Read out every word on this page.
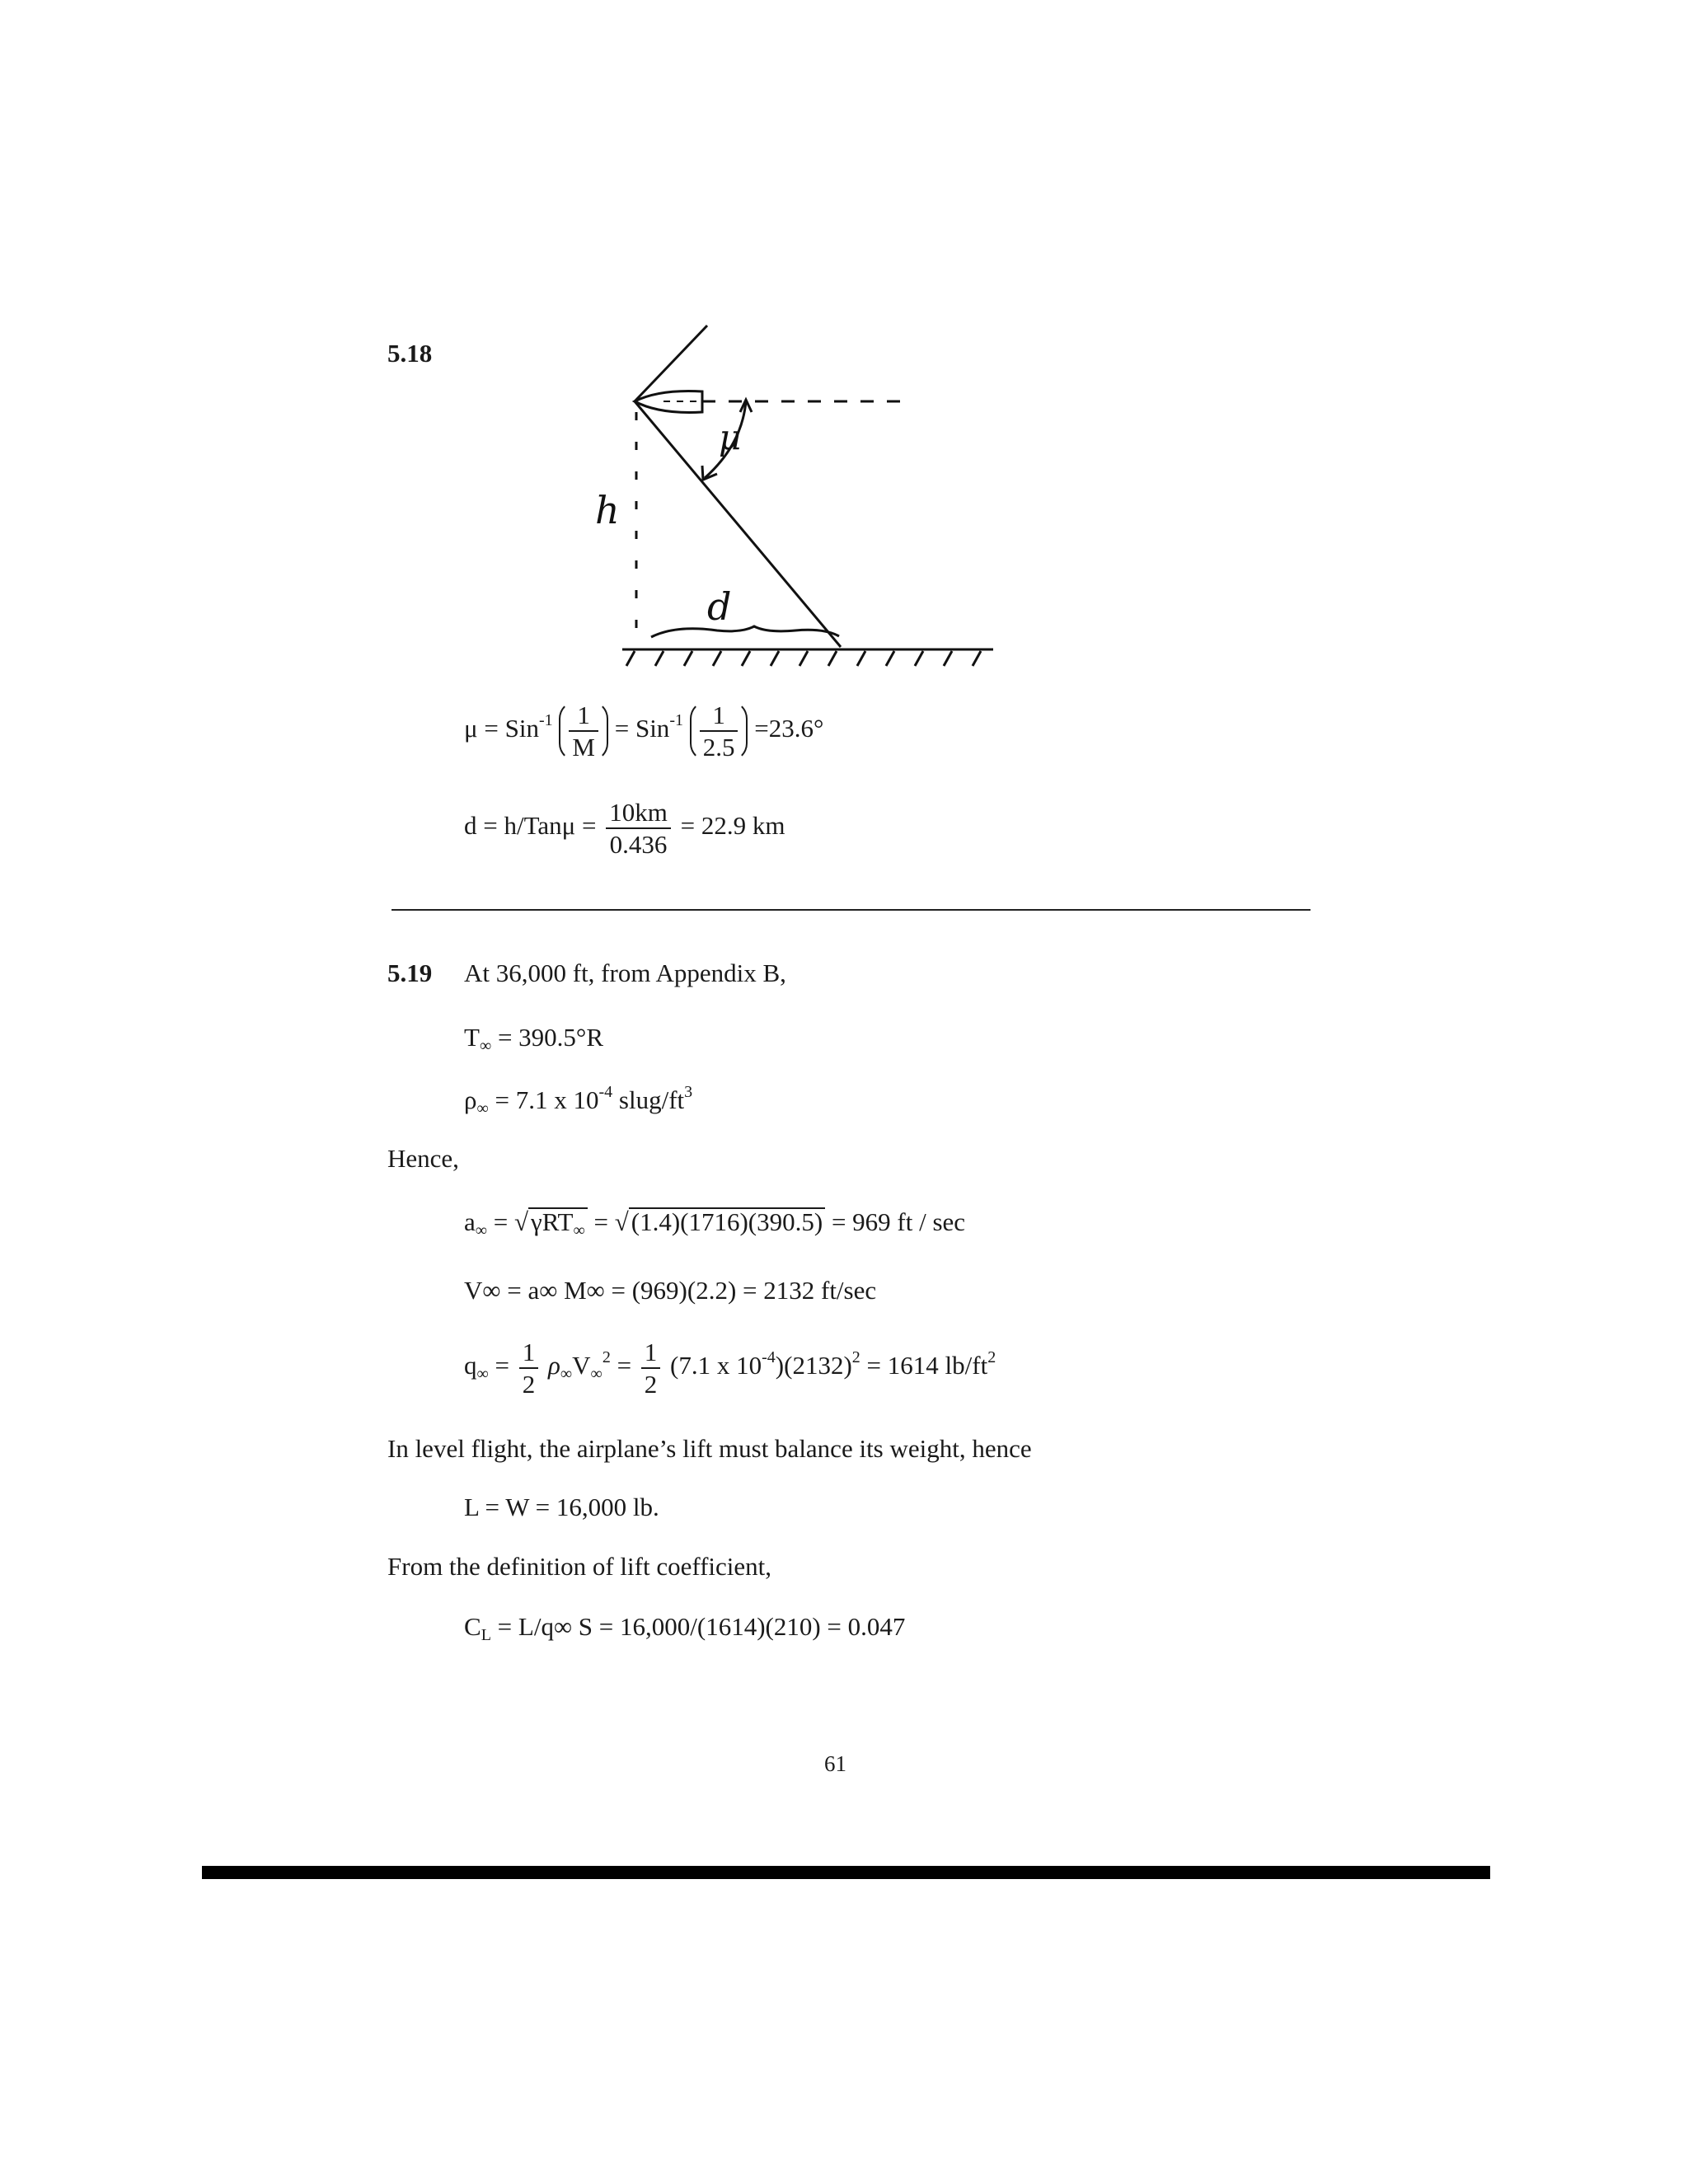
5.18
h
μ
d
$\mu = Sin^{-1} \frac{1}{M} = Sin^{-1} \frac{1}{2.5} =23.6^\circ$
$d = h/Tan\mu = \frac{10km}{0.436} = 22.9$ km
5.19 At 36,000 ft, from Appendix B,
$T_\infty = 390.5^\circ R$
$\rho_\infty = 7.1$ x $10^{-4}$ slug/$ft^3$
Hence,
$a_\infty = √\gamma RT_\infty = √(1.4)(1716)(390.5) = 969$ ft / sec
V∞ = a∞ M∞ = (969)(2.2) = 2132 ft/sec
$q_\infty = \frac{1}{2} \rho_\infty V_\infty^2 = \frac{1}{2} (7.1$ x $10^{-4})(2132)^2 = 1614$ $lb/ft^2$
In level flight, the airplane’s lift must balance its weight, hence
L = W = 16,000 lb.
From the definition of lift coefficient,
$C_L = L/q\infty$ S = 16,000/(1614)(210) = 0.047
61
